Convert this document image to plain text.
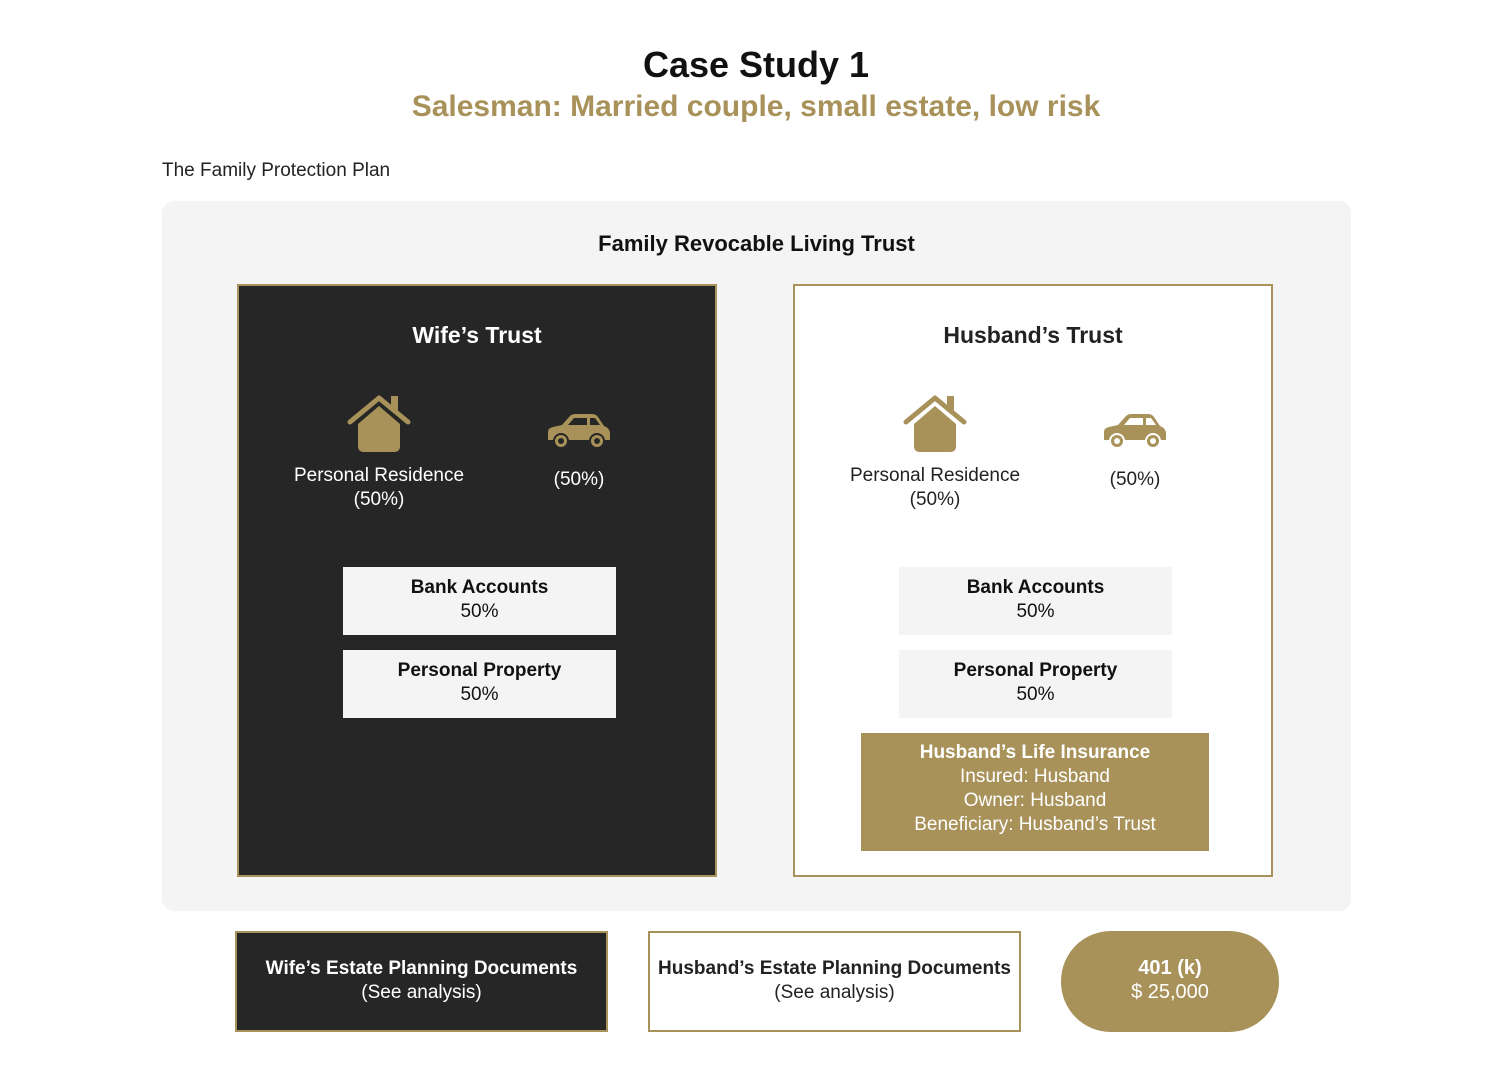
Case Study 1
Salesman: Married couple, small estate, low risk
The Family Protection Plan
Family Revocable Living Trust
Wife’s Trust
Personal Residence
(50%)
(50%)
Bank Accounts
50%
Personal Property
50%
Husband’s Trust
Personal Residence
(50%)
(50%)
Bank Accounts
50%
Personal Property
50%
Husband’s Life Insurance
Insured: Husband
Owner: Husband
Beneficiary: Husband’s Trust
Wife’s Estate Planning Documents
(See analysis)
Husband’s Estate Planning Documents
(See analysis)
401 (k)
$ 25,000
